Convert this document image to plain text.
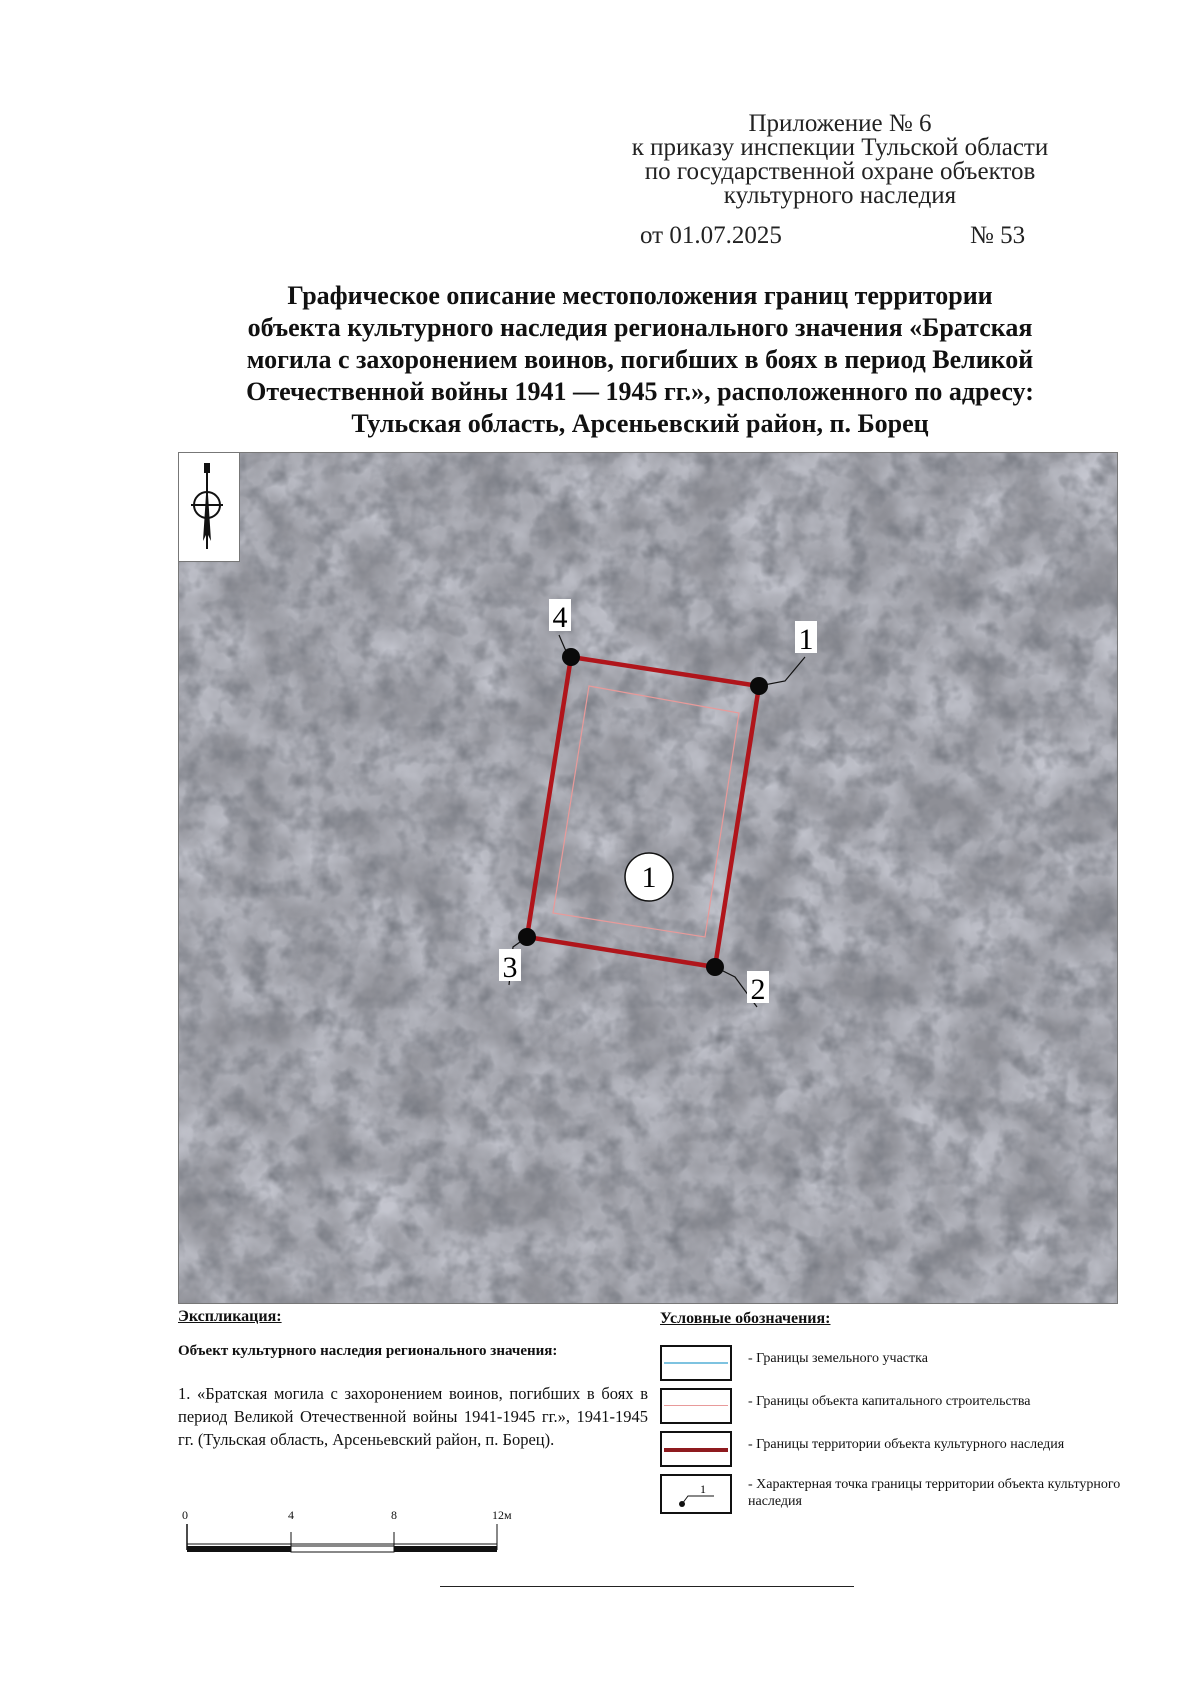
Приложение № 6
к приказу инспекции Тульской области
по государственной охране объектов
культурного наследия
от 01.07.2025	№ 53
Графическое описание местоположения границ территории
объекта культурного наследия регионального значения «Братская
могила с захоронением воинов, погибших в боях в период Великой
Отечественной войны 1941 — 1945 гг.», расположенного по адресу:
Тульская область, Арсеньевский район, п. Борец
1
2
3
4
1
Экспликация:
Объект культурного наследия регионального значения:
1. «Братская могила с захоронением воинов, погибших в боях в период Великой Отечественной войны 1941-1945 гг.», 1941-1945 гг. (Тульская область, Арсеньевский район, п. Борец).
Условные обозначения:
- Границы земельного участка
- Границы объекта капитального строительства
- Границы территории объекта культурного наследия
1	- Характерная точка границы территории объекта культурного наследия
0	4	8	12м
